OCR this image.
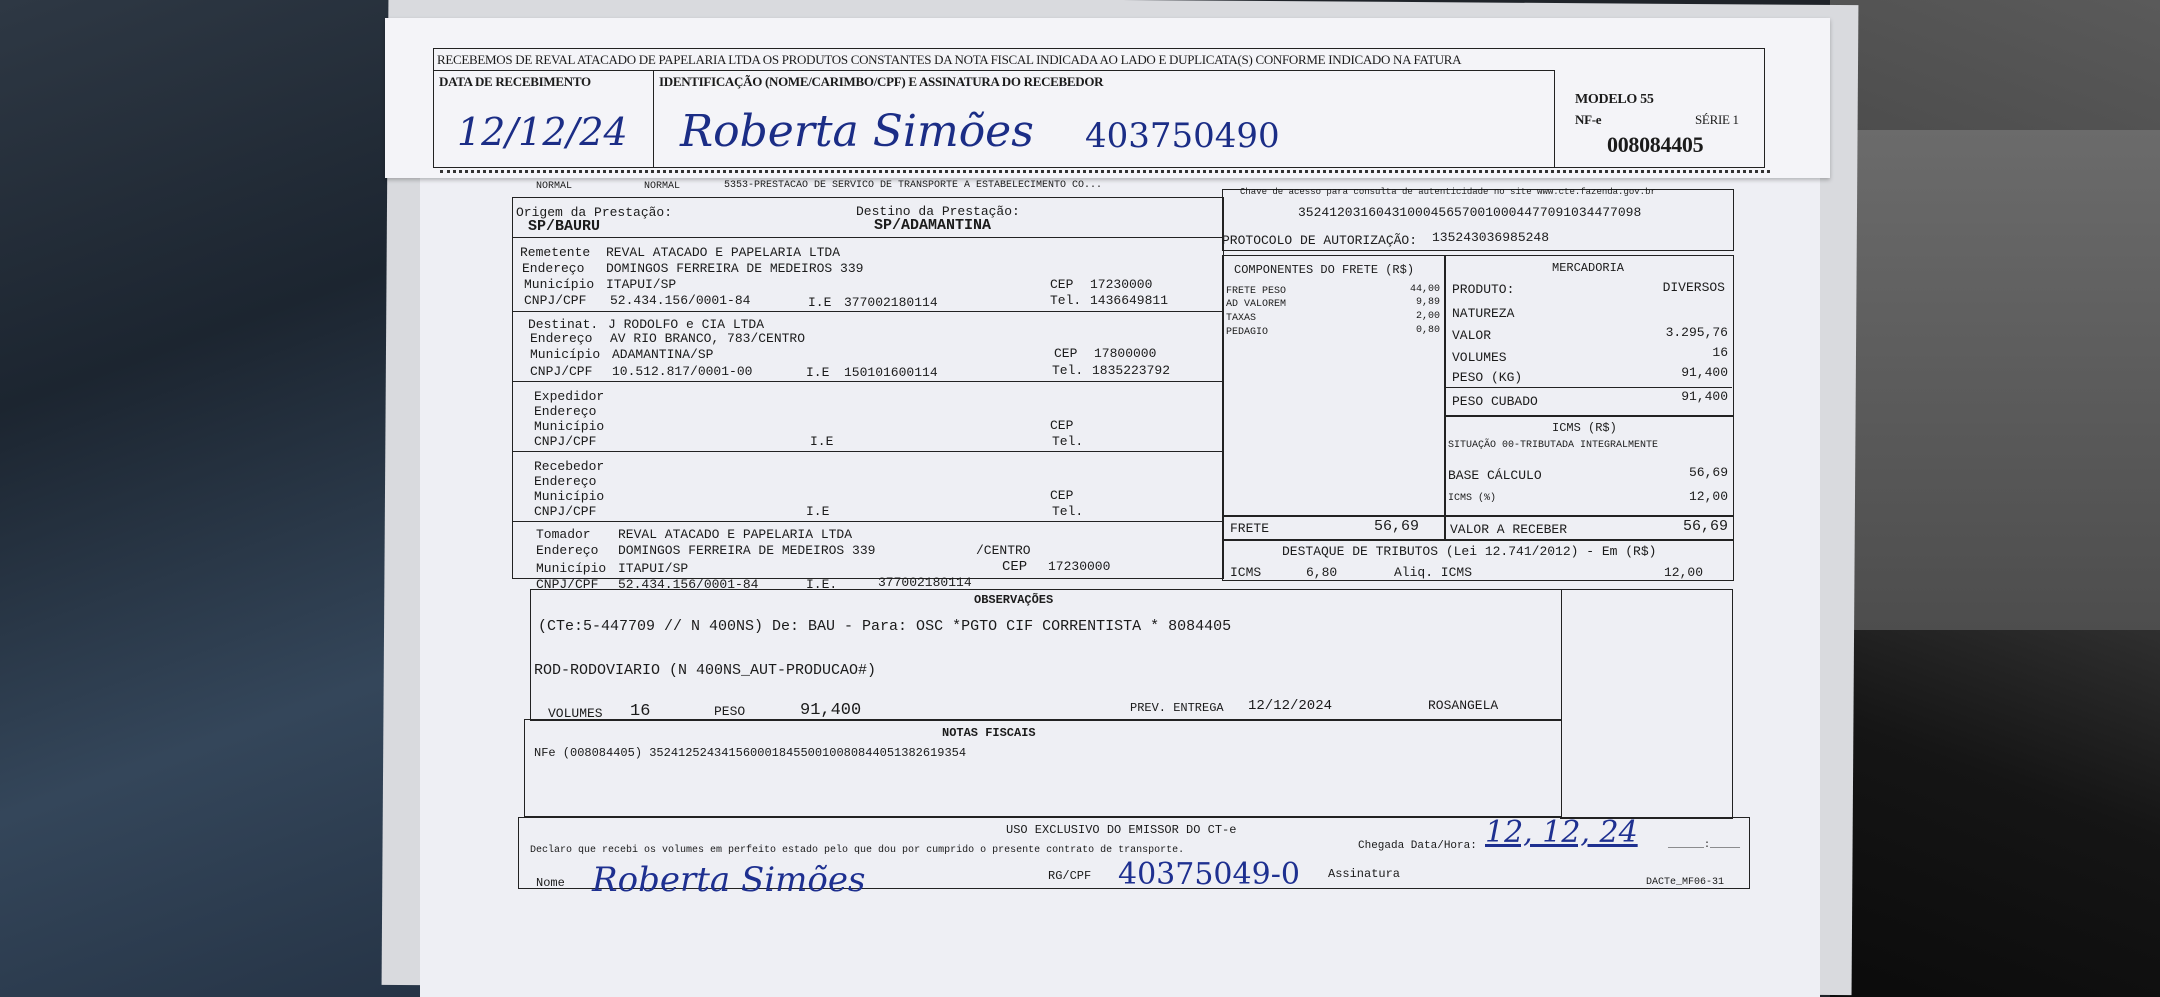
RECEBEMOS DE REVAL ATACADO DE PAPELARIA LTDA OS PRODUTOS CONSTANTES DA NOTA FISCAL INDICADA AO LADO E DUPLICATA(S) CONFORME INDICADO NA FATURA
DATA DE RECEBIMENTO	IDENTIFICAÇÃO (NOME/CARIMBO/CPF) E ASSINATURA DO RECEBEDOR
12/12/24 Roberta Simões 403750490
MODELO 55
NF-e	SÉRIE 1
008084405
NORMAL	NORMAL	5353-PRESTACAO DE SERVICO DE TRANSPORTE A ESTABELECIMENTO CO...
Chave de acesso para consulta de autenticidade no site www.cte.fazenda.gov.br
35241203160431000456570010004477091034477098
PROTOCOLO DE AUTORIZAÇÃO: 135243036985248
Origem da Prestação:
SP/BAURU
Destino da Prestação:
SP/ADAMANTINA
Remetente REVAL ATACADO E PAPELARIA LTDA
Endereço DOMINGOS FERREIRA DE MEDEIROS 339
Município ITAPUI/SP	CEP 17230000
CNPJ/CPF 52.434.156/0001-84	I.E 377002180114	Tel. 1436649811
Destinat. J RODOLFO e CIA LTDA
Endereço AV RIO BRANCO, 783/CENTRO
Município ADAMANTINA/SP	CEP 17800000
CNPJ/CPF 10.512.817/0001-00	I.E 150101600114	Tel. 1835223792
Expedidor
Endereço
Município	CEP
CNPJ/CPF	I.E	Tel.
Recebedor
Endereço
Município	CEP
CNPJ/CPF	I.E	Tel.
Tomador REVAL ATACADO E PAPELARIA LTDA
Endereço DOMINGOS FERREIRA DE MEDEIROS 339	/CENTRO
Município ITAPUI/SP	CEP 17230000
CNPJ/CPF 52.434.156/0001-84	I.E.	377002180114
COMPONENTES DO FRETE (R$)
FRETE PESO	44,00
AD VALOREM	9,89
TAXAS	2,00
PEDAGIO	0,80
FRETE	56,69
MERCADORIA
PRODUTO:	DIVERSOS
NATUREZA
VALOR	3.295,76
VOLUMES	16
PESO (KG)	91,400
PESO CUBADO	91,400
ICMS (R$)
SITUAÇÃO 00-TRIBUTADA INTEGRALMENTE
BASE CÁLCULO	56,69
ICMS (%)	12,00
VALOR A RECEBER	56,69
DESTAQUE DE TRIBUTOS (Lei 12.741/2012) - Em (R$)
ICMS	6,80	Aliq. ICMS	12,00
OBSERVAÇÕES
(CTe:5-447709 // N 400NS) De: BAU - Para: OSC *PGTO CIF CORRENTISTA * 8084405
ROD-RODOVIARIO (N 400NS_AUT-PRODUCAO#)
VOLUMES 16	PESO	91,400	PREV. ENTREGA 12/12/2024	ROSANGELA
NOTAS FISCAIS
NFe (008084405) 35241252434156000184550010080844051382619354
USO EXCLUSIVO DO EMISSOR DO CT-e
Declaro que recebi os volumes em perfeito estado pelo que dou por cumprido o presente contrato de transporte.	Chegada Data/Hora: 12, 12, 24	______:_____
Nome Roberta Simões	RG/CPF 40375049-0 Assinatura
DACTe_MF06-31
